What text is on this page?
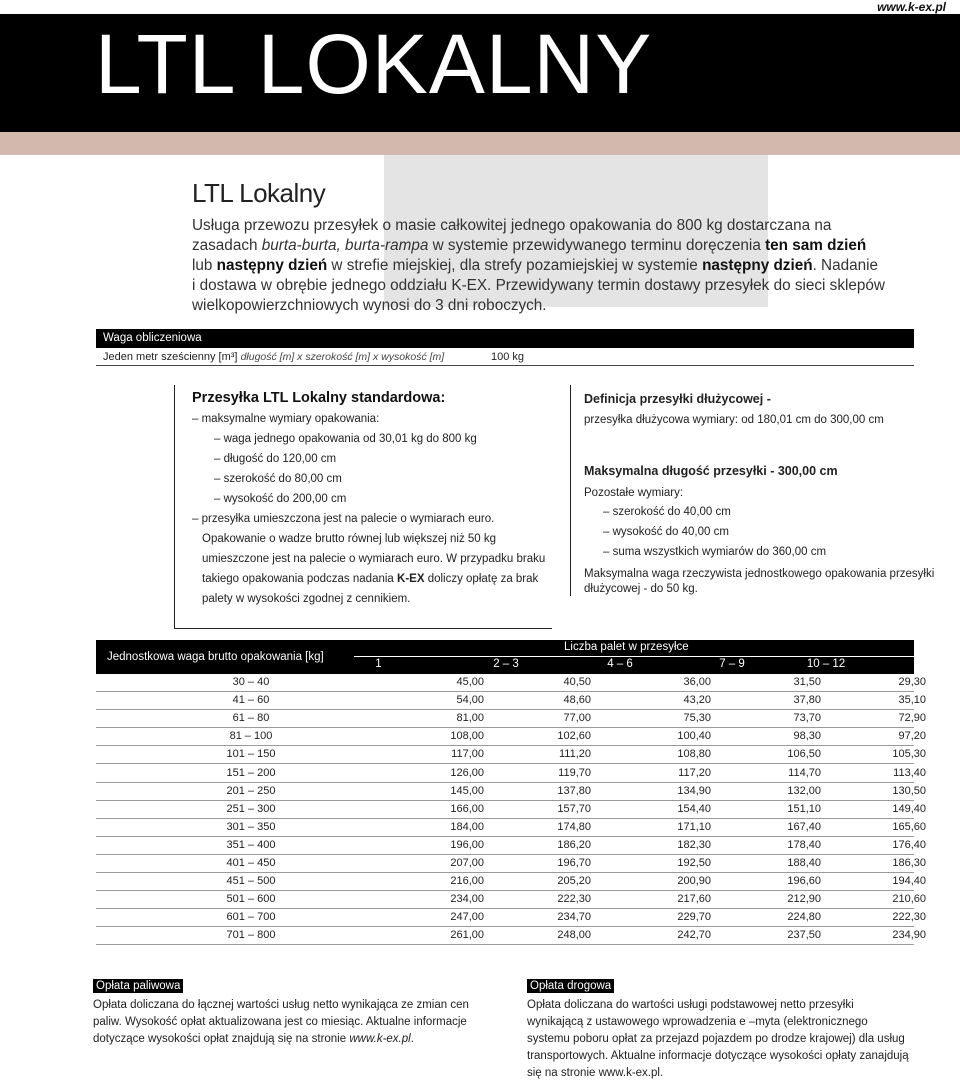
www.k-ex.pl
LTL LOKALNY
LTL Lokalny
Usługa przewozu przesyłek o masie całkowitej jednego opakowania do 800 kg dostarczana na
zasadach burta-burta, burta-rampa w systemie przewidywanego terminu doręczenia ten sam dzień
lub następny dzień w strefie miejskiej, dla strefy pozamiejskiej w systemie następny dzień. Nadanie
i dostawa w obrębie jednego oddziału K-EX. Przewidywany termin dostawy przesyłek do sieci sklepów
wielkopowierzchniowych wynosi do 3 dni roboczych.
Waga obliczeniowa
Jeden metr sześcienny [m³] długość [m] x szerokość [m] x wysokość [m]	100 kg
Przesyłka LTL Lokalny standardowa:
– maksymalne wymiary opakowania:
– waga jednego opakowania od 30,01 kg do 800 kg
– długość do 120,00 cm
– szerokość do 80,00 cm
– wysokość do 200,00 cm
– przesyłka umieszczona jest na palecie o wymiarach euro.
Opakowanie o wadze brutto równej lub większej niż 50 kg
umieszczone jest na palecie o wymiarach euro. W przypadku braku
takiego opakowania podczas nadania K-EX doliczy opłatę za brak
palety w wysokości zgodnej z cennikiem.
Definicja przesyłki dłużycowej -
przesyłka dłużycowa wymiary: od 180,01 cm do 300,00 cm
Maksymalna długość przesyłki - 300,00 cm
Pozostałe wymiary:
– szerokość do 40,00 cm
– wysokość do 40,00 cm
– suma wszystkich wymiarów do 360,00 cm
Maksymalna waga rzeczywista jednostkowego opakowania przesyłki
dłużycowej - do 50 kg.
Jednostkowa waga brutto opakowania [kg]
Liczba palet w przesyłce
1	2 – 3	4 – 6	7 – 9	10 – 12
30 – 40	45,00	40,50	36,00	31,50	29,30
41 – 60	54,00	48,60	43,20	37,80	35,10
61 – 80	81,00	77,00	75,30	73,70	72,90
81 – 100	108,00	102,60	100,40	98,30	97,20
101 – 150	117,00	111,20	108,80	106,50	105,30
151 – 200	126,00	119,70	117,20	114,70	113,40
201 – 250	145,00	137,80	134,90	132,00	130,50
251 – 300	166,00	157,70	154,40	151,10	149,40
301 – 350	184,00	174,80	171,10	167,40	165,60
351 – 400	196,00	186,20	182,30	178,40	176,40
401 – 450	207,00	196,70	192,50	188,40	186,30
451 – 500	216,00	205,20	200,90	196,60	194,40
501 – 600	234,00	222,30	217,60	212,90	210,60
601 – 700	247,00	234,70	229,70	224,80	222,30
701 – 800	261,00	248,00	242,70	237,50	234,90
Opłata paliwowa
Opłata doliczana do łącznej wartości usług netto wynikająca ze zmian cen
paliw. Wysokość opłat aktualizowana jest co miesiąc. Aktualne informacje
dotyczące wysokości opłat znajdują się na stronie www.k-ex.pl.
Opłata drogowa
Opłata doliczana do wartości usługi podstawowej netto przesyłki
wynikającą z ustawowego wprowadzenia e –myta (elektronicznego
systemu poboru opłat za przejazd pojazdem po drodze krajowej) dla usług
transportowych. Aktualne informacje dotyczące wysokości opłaty zanajdują
się na stronie www.k-ex.pl.
